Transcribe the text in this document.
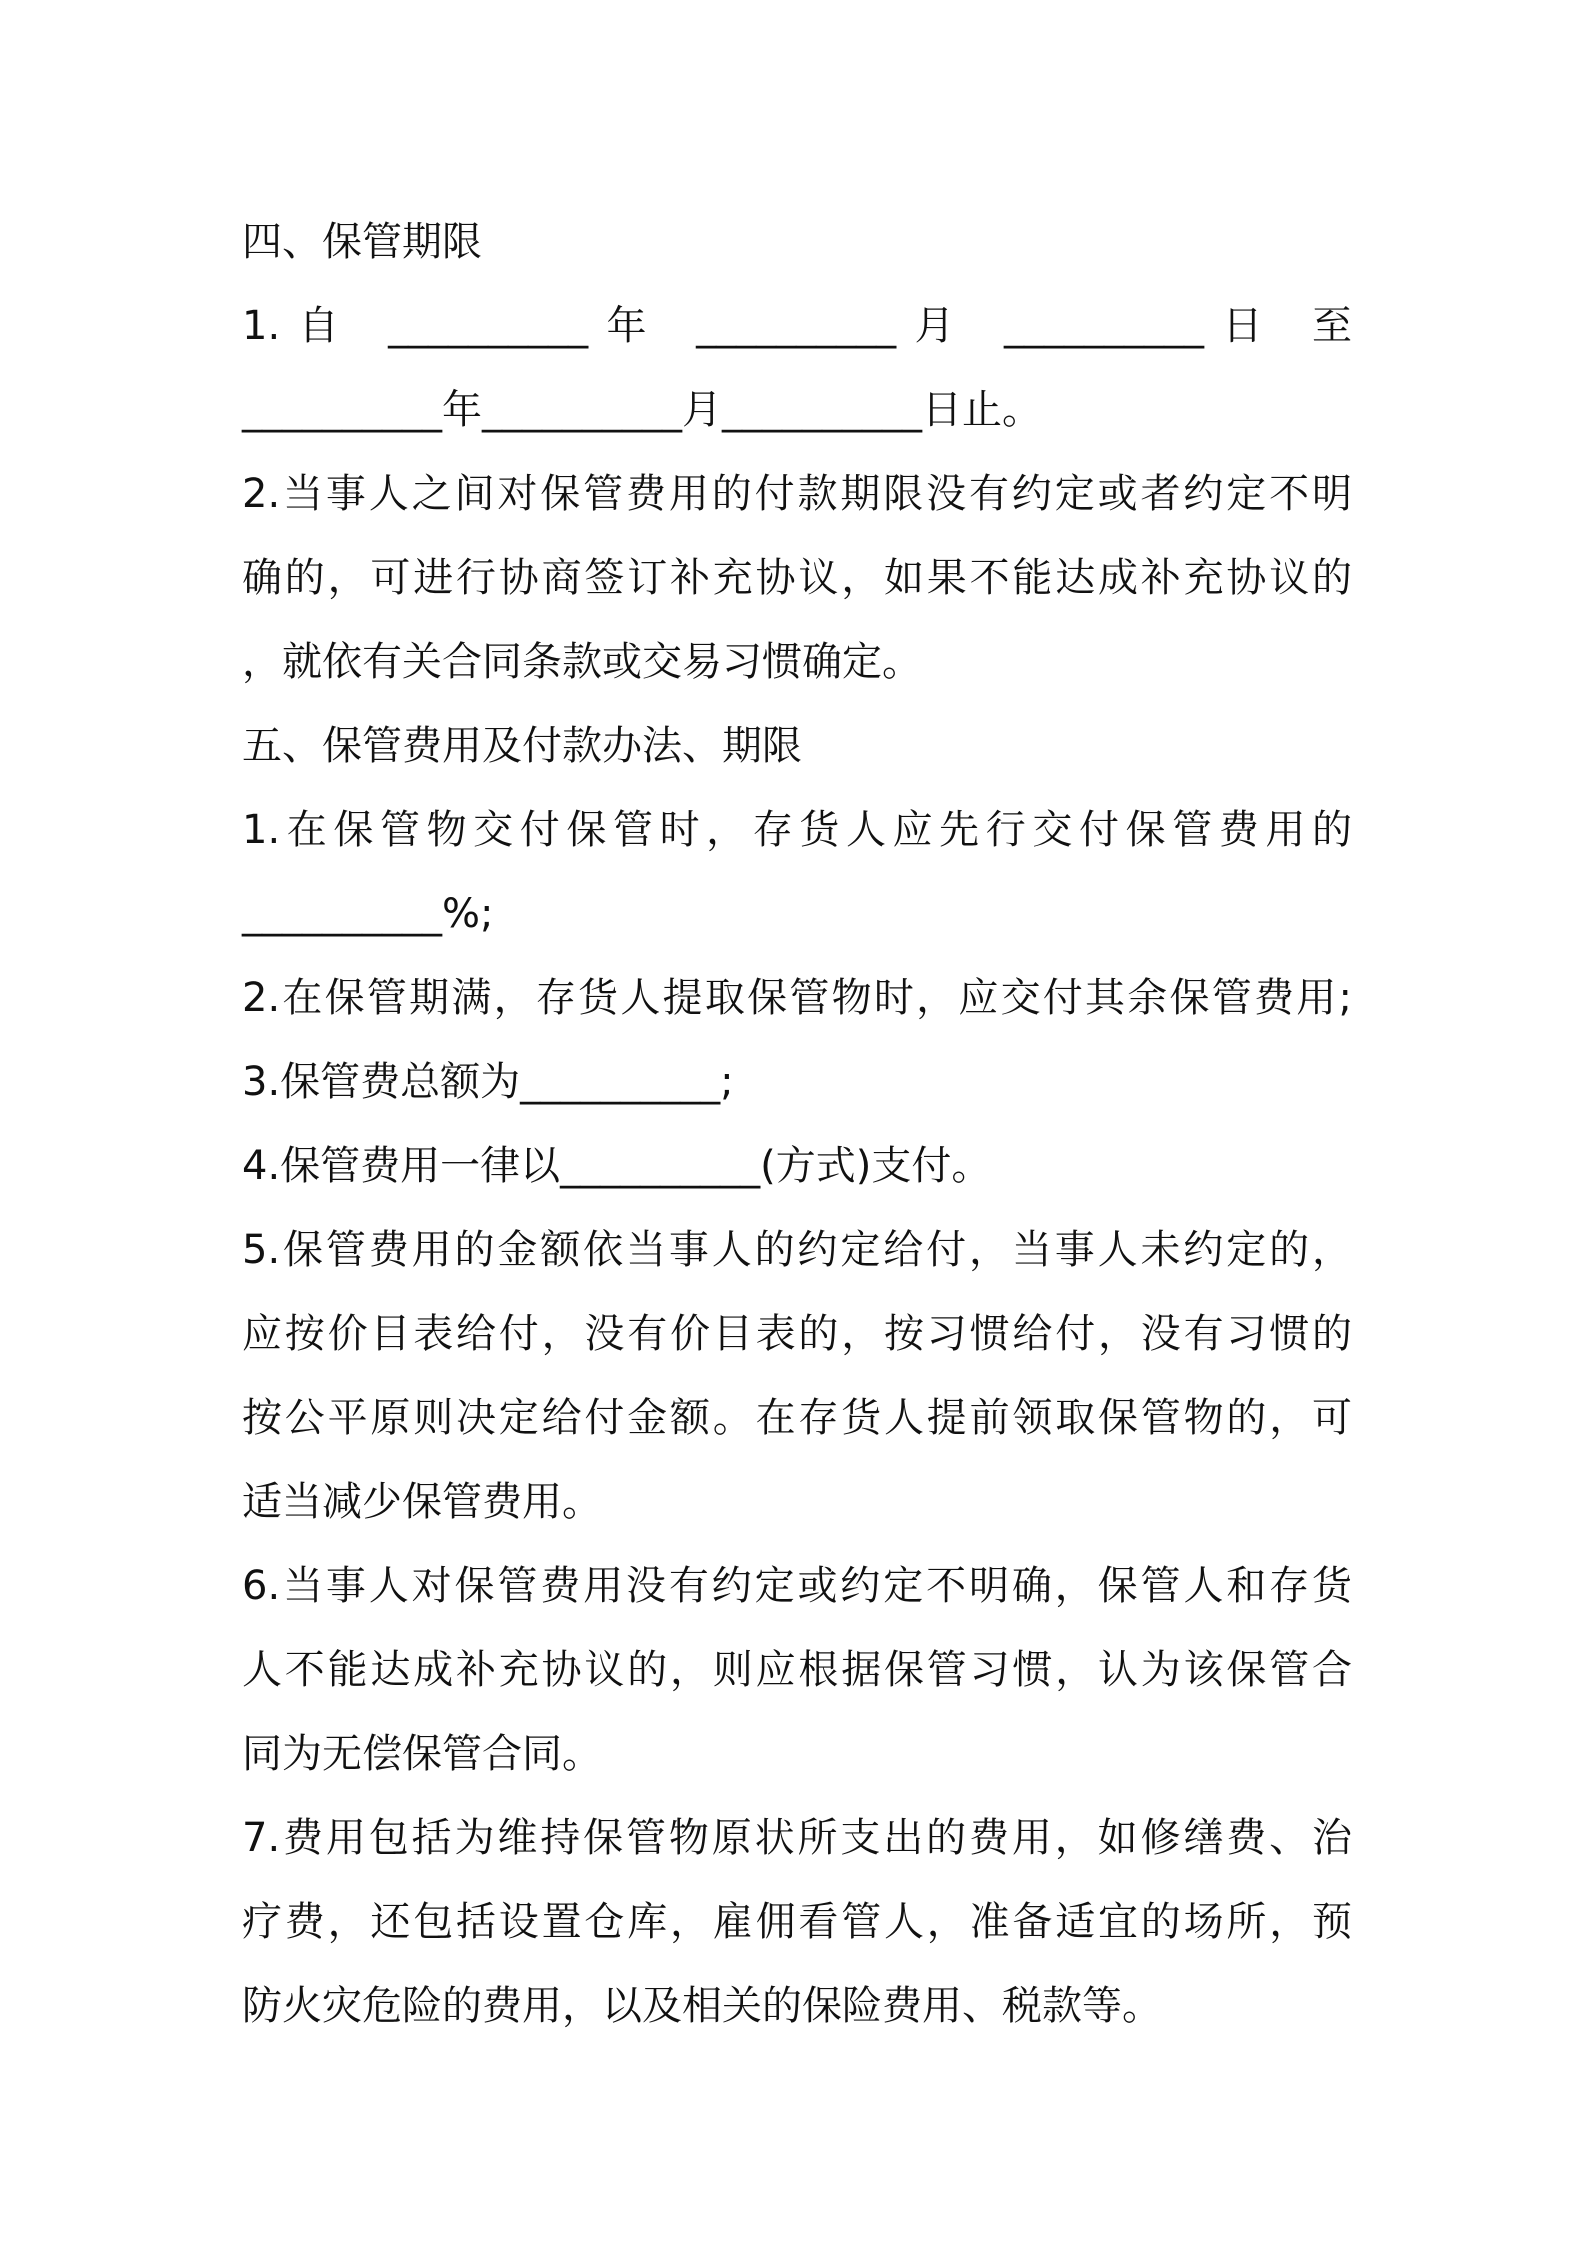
四、保管期限
1.自 __________年 __________月 __________日 至
__________年__________月__________日止。
2.当事人之间对保管费用的付款期限没有约定或者约定不明
确的，可进行协商签订补充协议，如果不能达成补充协议的
，就依有关合同条款或交易习惯确定。
五、保管费用及付款办法、期限
1.在保管物交付保管时，存货人应先行交付保管费用的
__________%;
2.在保管期满，存货人提取保管物时，应交付其余保管费用;
3.保管费总额为__________;
4.保管费用一律以__________(方式)支付。
5.保管费用的金额依当事人的约定给付，当事人未约定的，
应按价目表给付，没有价目表的，按习惯给付，没有习惯的
按公平原则决定给付金额。在存货人提前领取保管物的，可
适当减少保管费用。
6.当事人对保管费用没有约定或约定不明确，保管人和存货
人不能达成补充协议的，则应根据保管习惯，认为该保管合
同为无偿保管合同。
7.费用包括为维持保管物原状所支出的费用，如修缮费、治
疗费，还包括设置仓库，雇佣看管人，准备适宜的场所，预
防火灾危险的费用，以及相关的保险费用、税款等。
